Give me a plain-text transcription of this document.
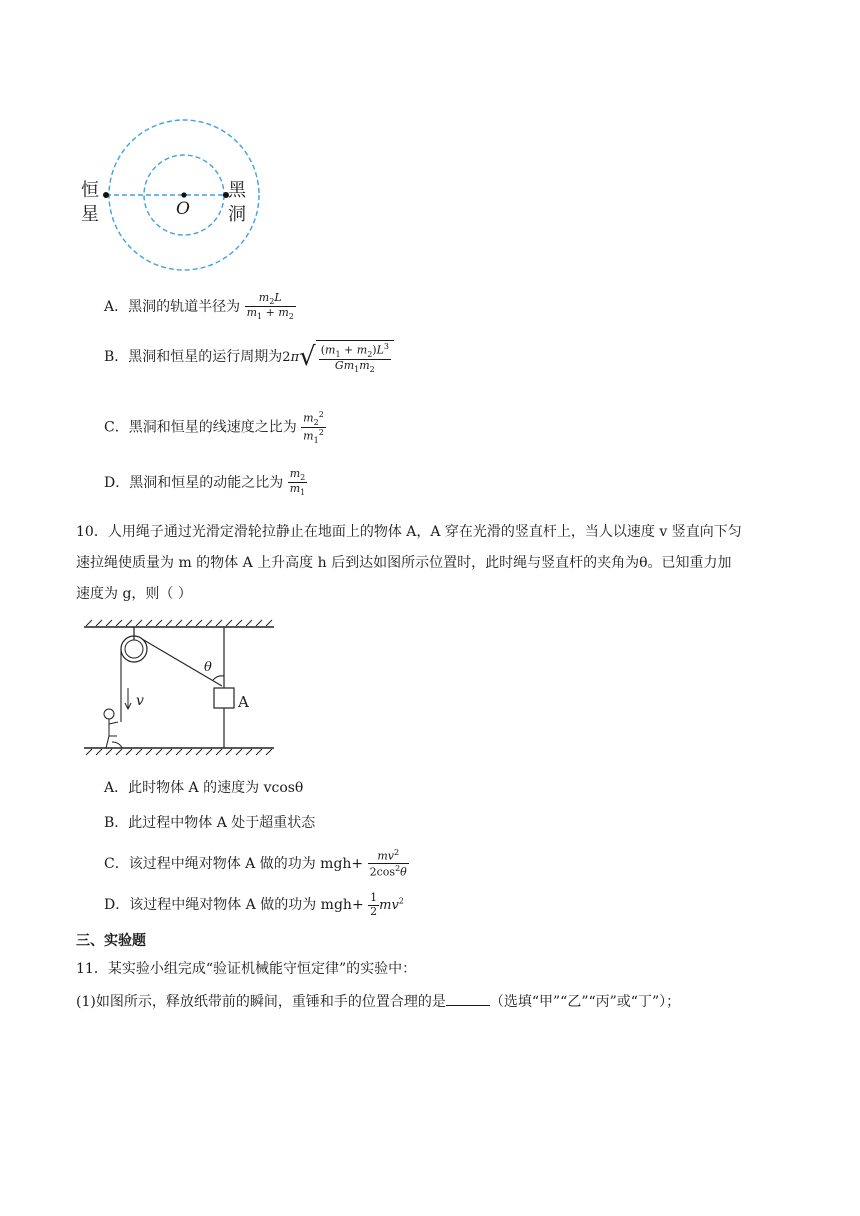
恒
星
黑
洞
O
A．黑洞的轨道半径为 $\frac{m_2L}{m_1 + m_2}$
B．黑洞和恒星的运行周期为$2\pi√ \frac{(m_1 + m_2)L^3}{Gm_1m_2}$
C．黑洞和恒星的线速度之比为 $\frac{m_2^2}{m_1^2}$
D．黑洞和恒星的动能之比为 $\frac{m_2}{m_1}$
10．人用绳子通过光滑定滑轮拉静止在地面上的物体 A，A 穿在光滑的竖直杆上，当人以速度 v 竖直向下匀
速拉绳使质量为 m 的物体 A 上升高度 h 后到达如图所示位置时，此时绳与竖直杆的夹角为θ。已知重力加
速度为 g，则（ ）
θ
v	A
A．此时物体 A 的速度为 vcosθ
B．此过程中物体 A 处于超重状态
C．该过程中绳对物体 A 做的功为 $mgh+ \frac{mv^2}{2\cos^2\theta}$
D．该过程中绳对物体 A 做的功为 $mgh+ \frac{1}{2} mv^2$
三、实验题
11．某实验小组完成“验证机械能守恒定律”的实验中：
(1)如图所示，释放纸带前的瞬间，重锤和手的位置合理的是	（选填“甲”“乙”“丙”或“丁”）；
